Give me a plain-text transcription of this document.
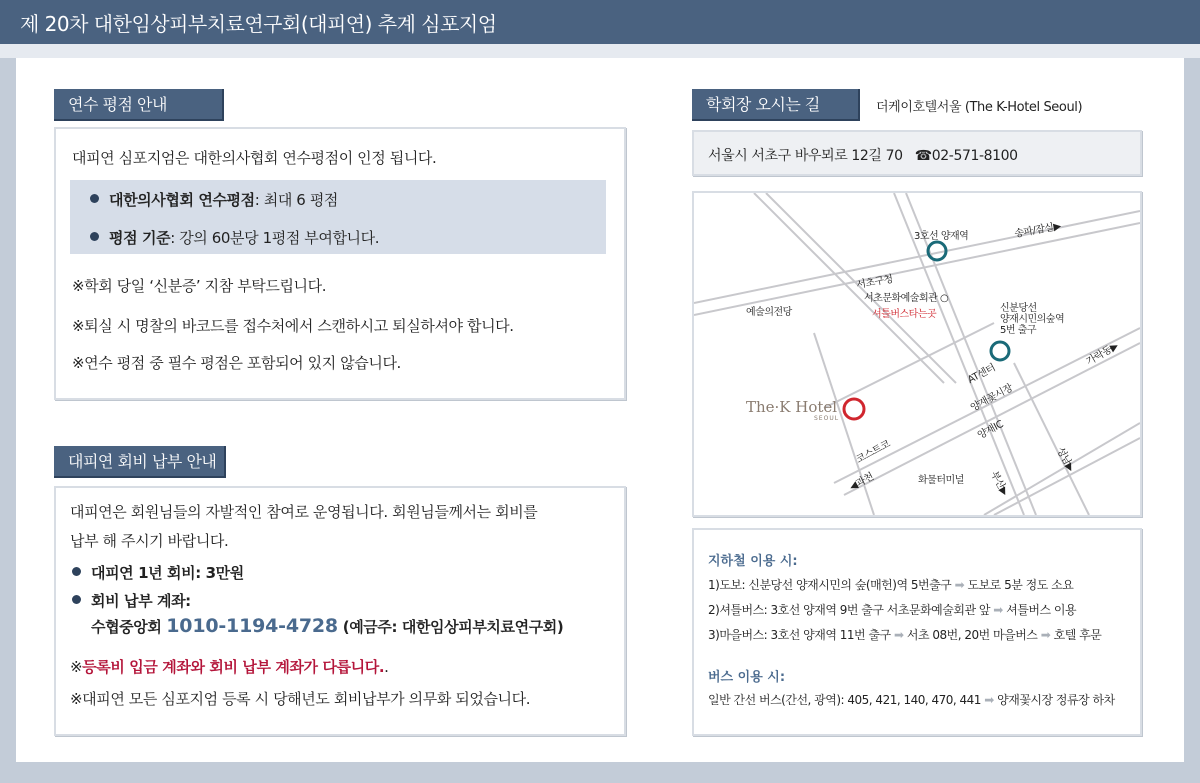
제 20차 대한임상피부치료연구회(대피연) 추계 심포지엄
연수 평점 안내
대피연 심포지엄은 대한의사협회 연수평점이 인정 됩니다.
대한의사협회 연수평점: 최대 6 평점
평점 기준: 강의 60분당 1평점 부여합니다.
※학회 당일 ‘신분증’ 지참 부탁드립니다.
※퇴실 시 명찰의 바코드를 접수처에서 스캔하시고 퇴실하셔야 합니다.
※연수 평점 중 필수 평점은 포함되어 있지 않습니다.
대피연 회비 납부 안내
대피연은 회원님들의 자발적인 참여로 운영됩니다. 회원님들께서는 회비를
납부 해 주시기 바랍니다.
대피연 1년 회비: 3만원
회비 납부 계좌:
수협중앙회 1010-1194-4728 (예금주: 대한임상피부치료연구회)
※등록비 입금 계좌와 회비 납부 계좌가 다릅니다..
※대피연 모든 심포지엄 등록 시 당해년도 회비납부가 의무화 되었습니다.
학회장 오시는 길	더케이호텔서울 (The K-Hotel Seoul)
서울시 서초구 바우뫼로 12길 70 ☎02-571-8100
3호선 양재역	송파/잠실▶
서초구청
서초문화예술회관 ○
셔틀버스타는곳
예술의전당	신분당선
양재시민의숲역
5번 출구
AT센터
양재꽃시장
가락동▶
양재IC
코스트코
◀과천	화물터미널 부산▶
성남▶
The·K Hotel
SEOUL
지하철 이용 시:
1)도보: 신분당선 양재시민의 숲(매헌)역 5번출구 ➡ 도보로 5분 정도 소요
2)셔틀버스: 3호선 양재역 9번 출구 서초문화예술회관 앞 ➡ 셔틀버스 이용
3)마을버스: 3호선 양재역 11번 출구 ➡ 서초 08번, 20번 마을버스 ➡ 호텔 후문
버스 이용 시:
일반 간선 버스(간선, 광역): 405, 421, 140, 470, 441 ➡ 양재꽃시장 정류장 하차
